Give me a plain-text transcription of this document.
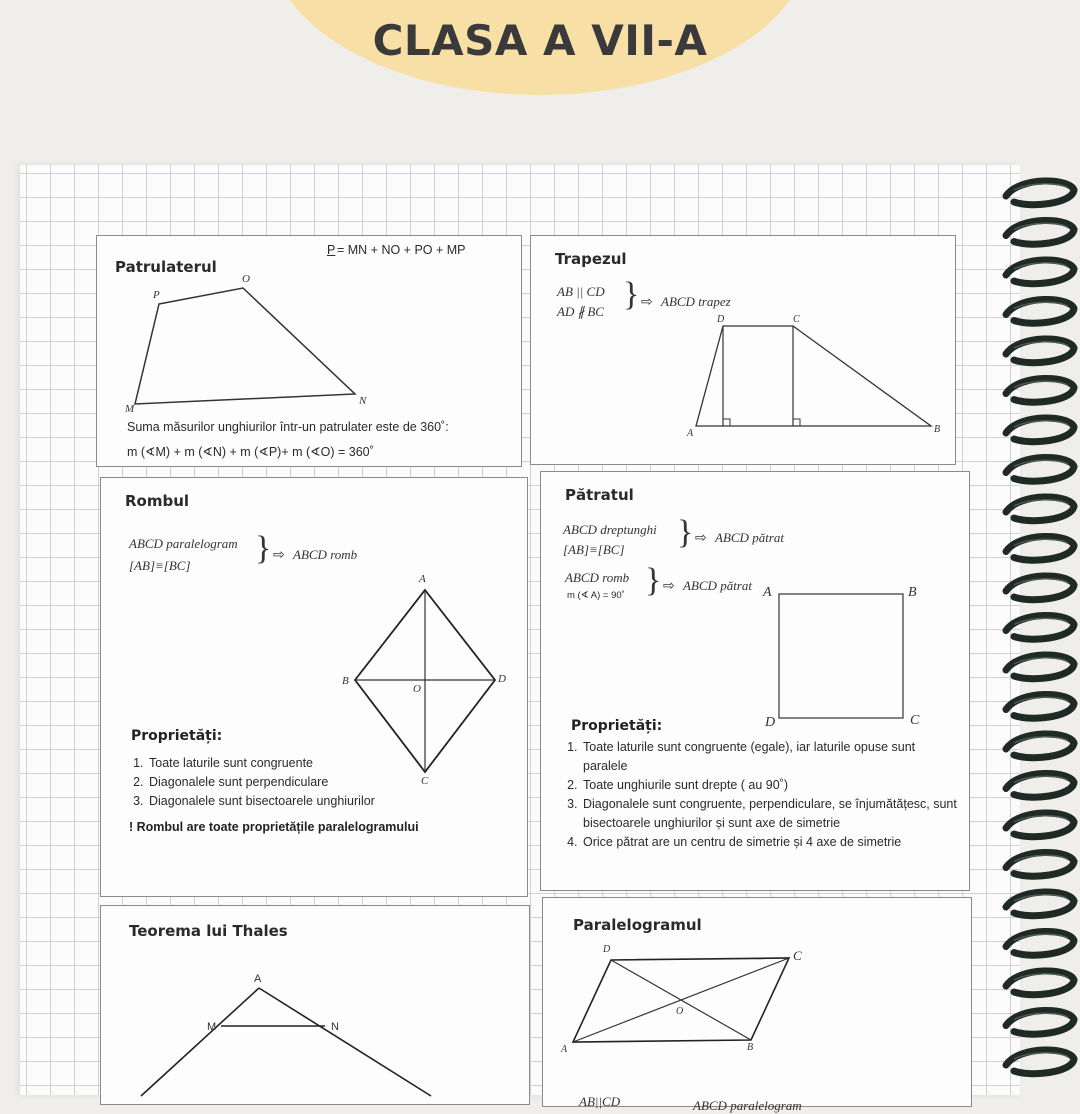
CLASA A VII-A
Patrulaterul
P = MN + NO + PO + MP
P
O
M
N
Suma măsurilor unghiurilor într-un patrulater este de 360˚:
m (∢M) + m (∢N) + m (∢P)+ m (∢O) = 360˚
Trapezul
AB || CD
AD ∦ BC } ⇨ ABCD trapez
D	C
A	B
Rombul
ABCD paralelogram
[AB]≡[BC] } ⇨ ABCD romb
A
B
O
D
C
Proprietăți:
1. Toate laturile sunt congruente
2. Diagonalele sunt perpendiculare
3. Diagonalele sunt bisectoarele unghiurilor
! Rombul are toate proprietățile paralelogramului
Pătratul
ABCD dreptunghi
[AB]≡[BC] } ⇨ ABCD pătrat
ABCD romb
m (∢ A) = 90˚ } ⇨ ABCD pătrat A	B
D	C
Proprietăți:
1. Toate laturile sunt congruente (egale), iar laturile opuse sunt paralele
2. Toate unghiurile sunt drepte ( au 90˚)
3. Diagonalele sunt congruente, perpendiculare, se înjumătățesc, sunt bisectoarele unghiurilor și sunt axe de simetrie
4. Orice pătrat are un centru de simetrie și 4 axe de simetrie
Teorema lui Thales
A
M	N
Paralelogramul
D	C
O
A	B
AB||CD	ABCD paralelogram
